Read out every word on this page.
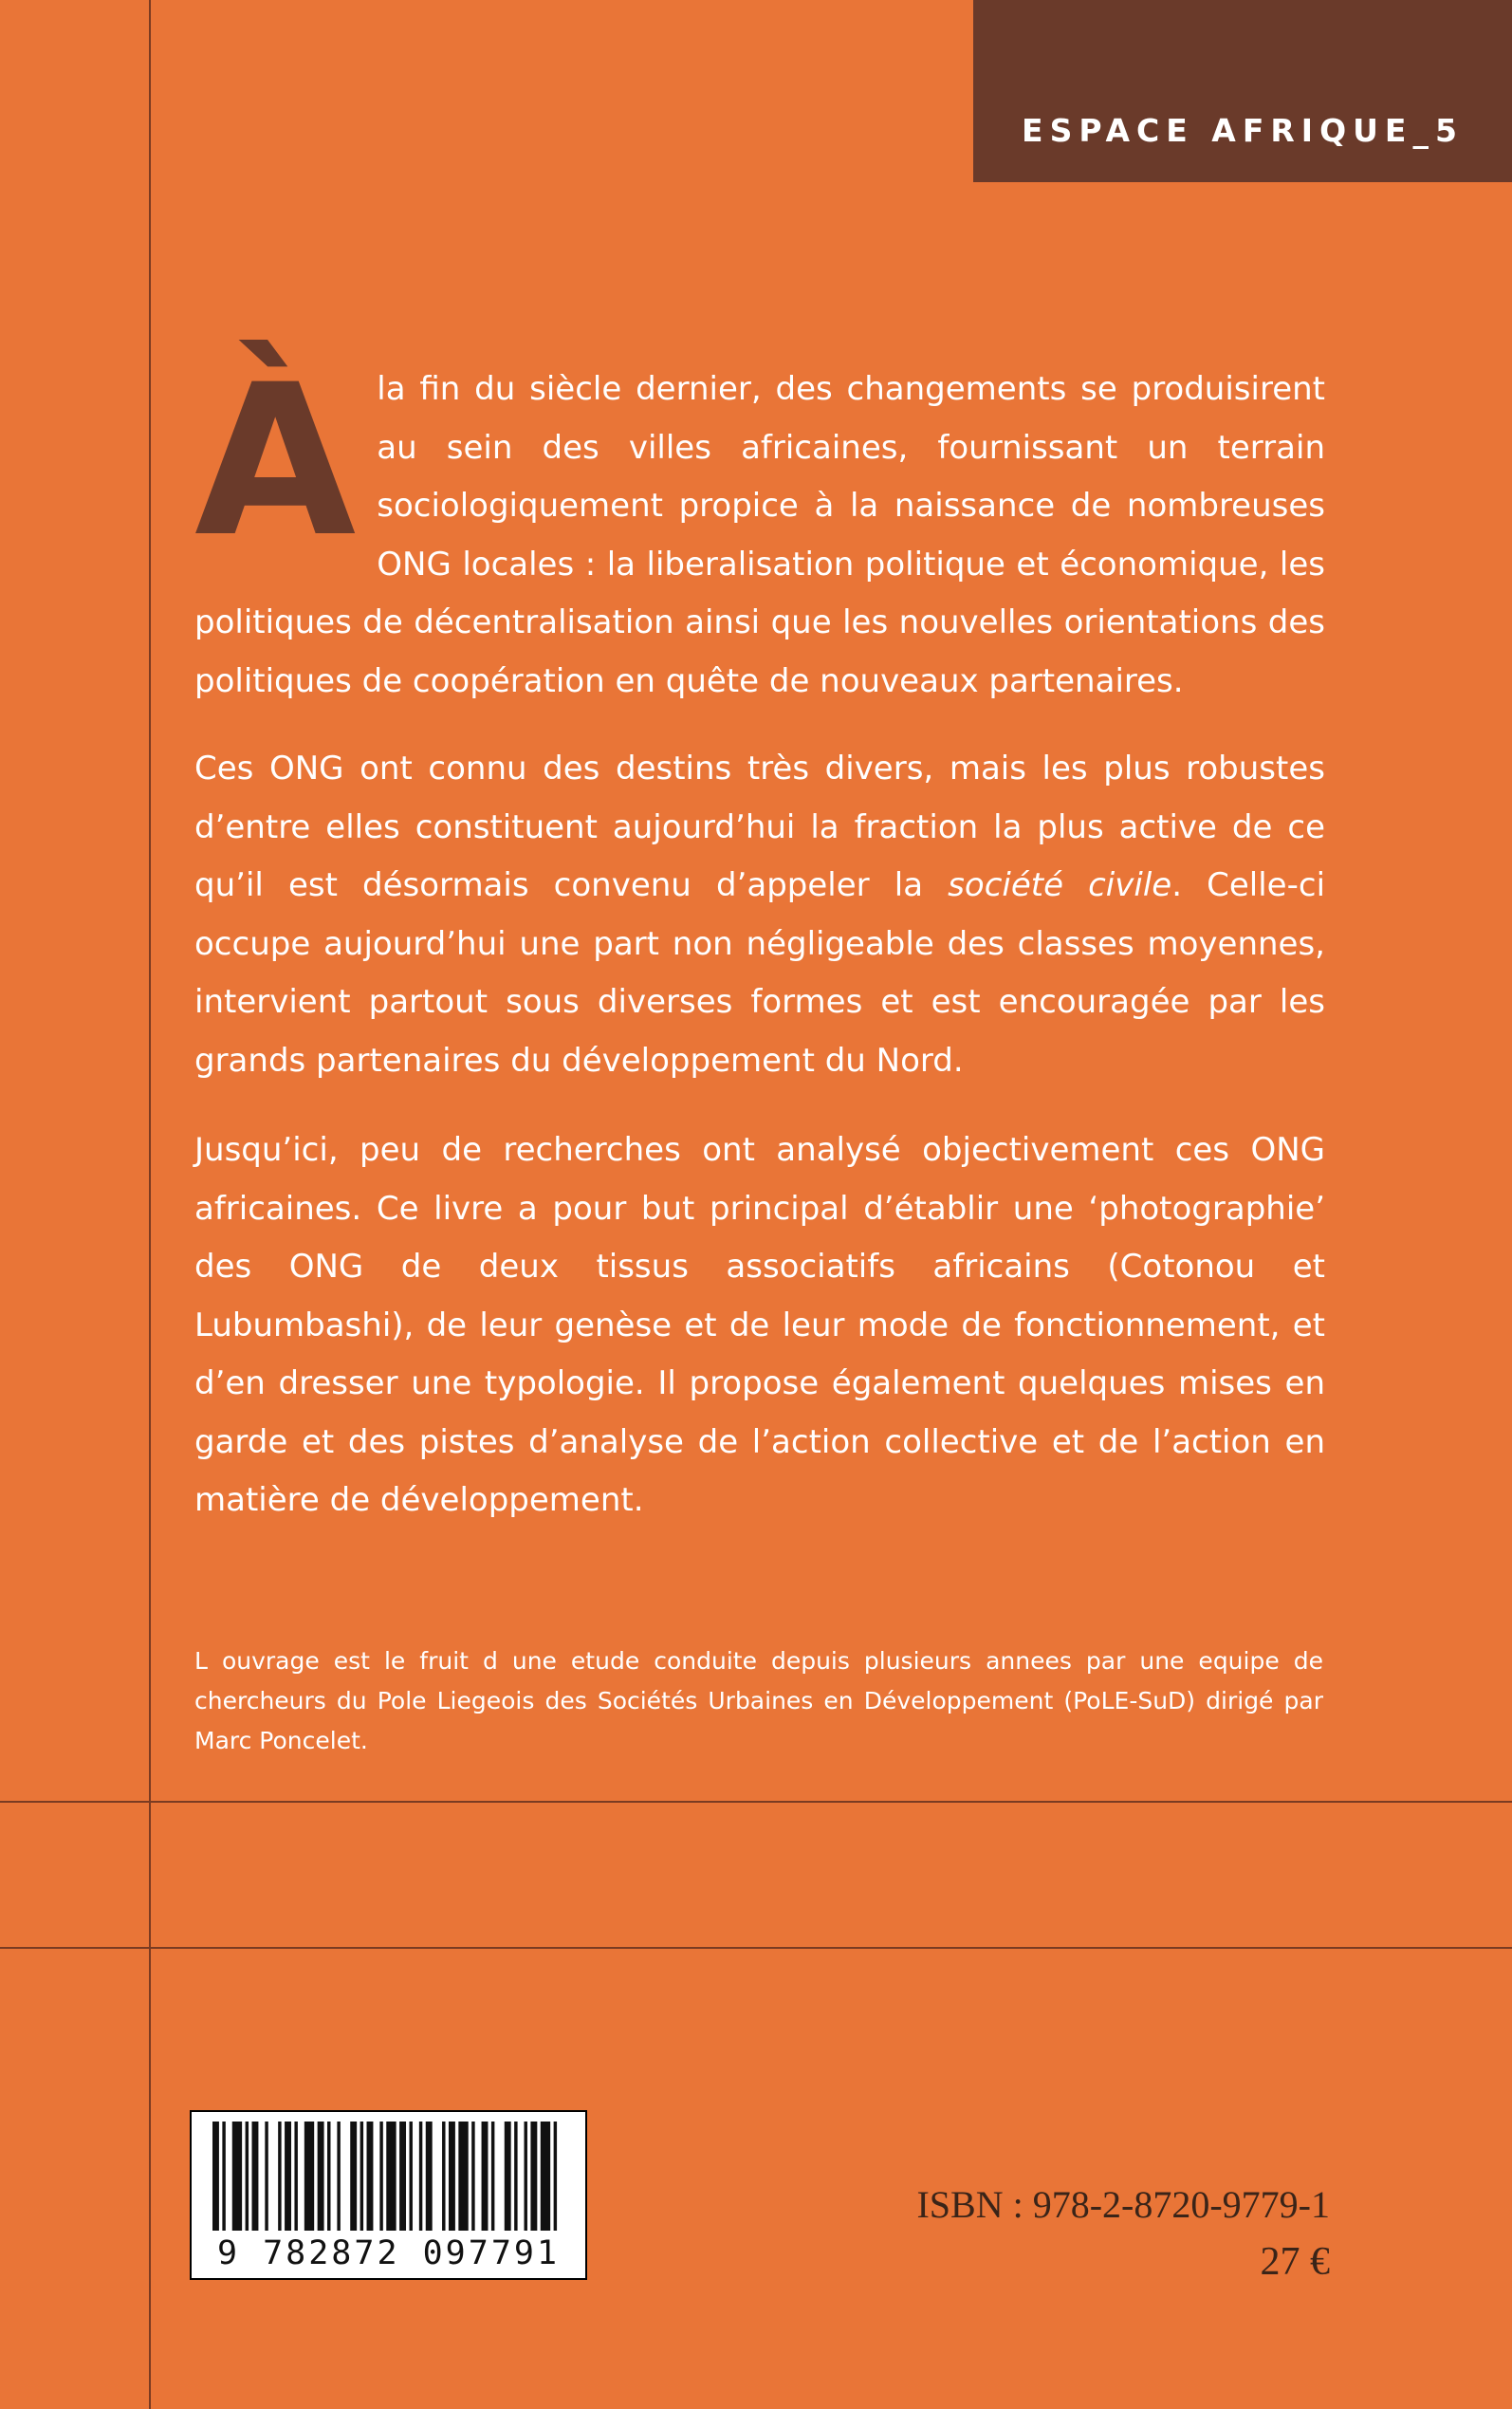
ESPACE AFRIQUE_5
À la fin du siècle dernier, des changements se produisirent au sein des villes africaines, fournissant un terrain sociologiquement propice à la naissance de nombreuses ONG locales : la liberalisation politique et économique, les politiques de décentralisation ainsi que les nouvelles orientations des politiques de coopération en quête de nouveaux partenaires.
Ces ONG ont connu des destins très divers, mais les plus robustes d’entre elles constituent aujourd’hui la fraction la plus active de ce qu’il est désormais convenu d’appeler la société civile. Celle-ci occupe aujourd’hui une part non négligeable des classes moyennes, intervient partout sous diverses formes et est encouragée par les grands partenaires du développement du Nord.
Jusqu’ici, peu de recherches ont analysé objectivement ces ONG africaines. Ce livre a pour but principal d’établir une ‘photographie’ des ONG de deux tissus associatifs africains (Cotonou et Lubumbashi), de leur genèse et de leur mode de fonctionnement, et d’en dresser une typologie. Il propose également quelques mises en garde et des pistes d’analyse de l’action collective et de l’action en matière de développement.
L ouvrage est le fruit d une etude conduite depuis plusieurs annees par une equipe de chercheurs du Pole Liegeois des Sociétés Urbaines en Développement (PoLE-SuD) dirigé par Marc Poncelet.
9 782872 097791
ISBN : 978-2-8720-9779-1
27 €
